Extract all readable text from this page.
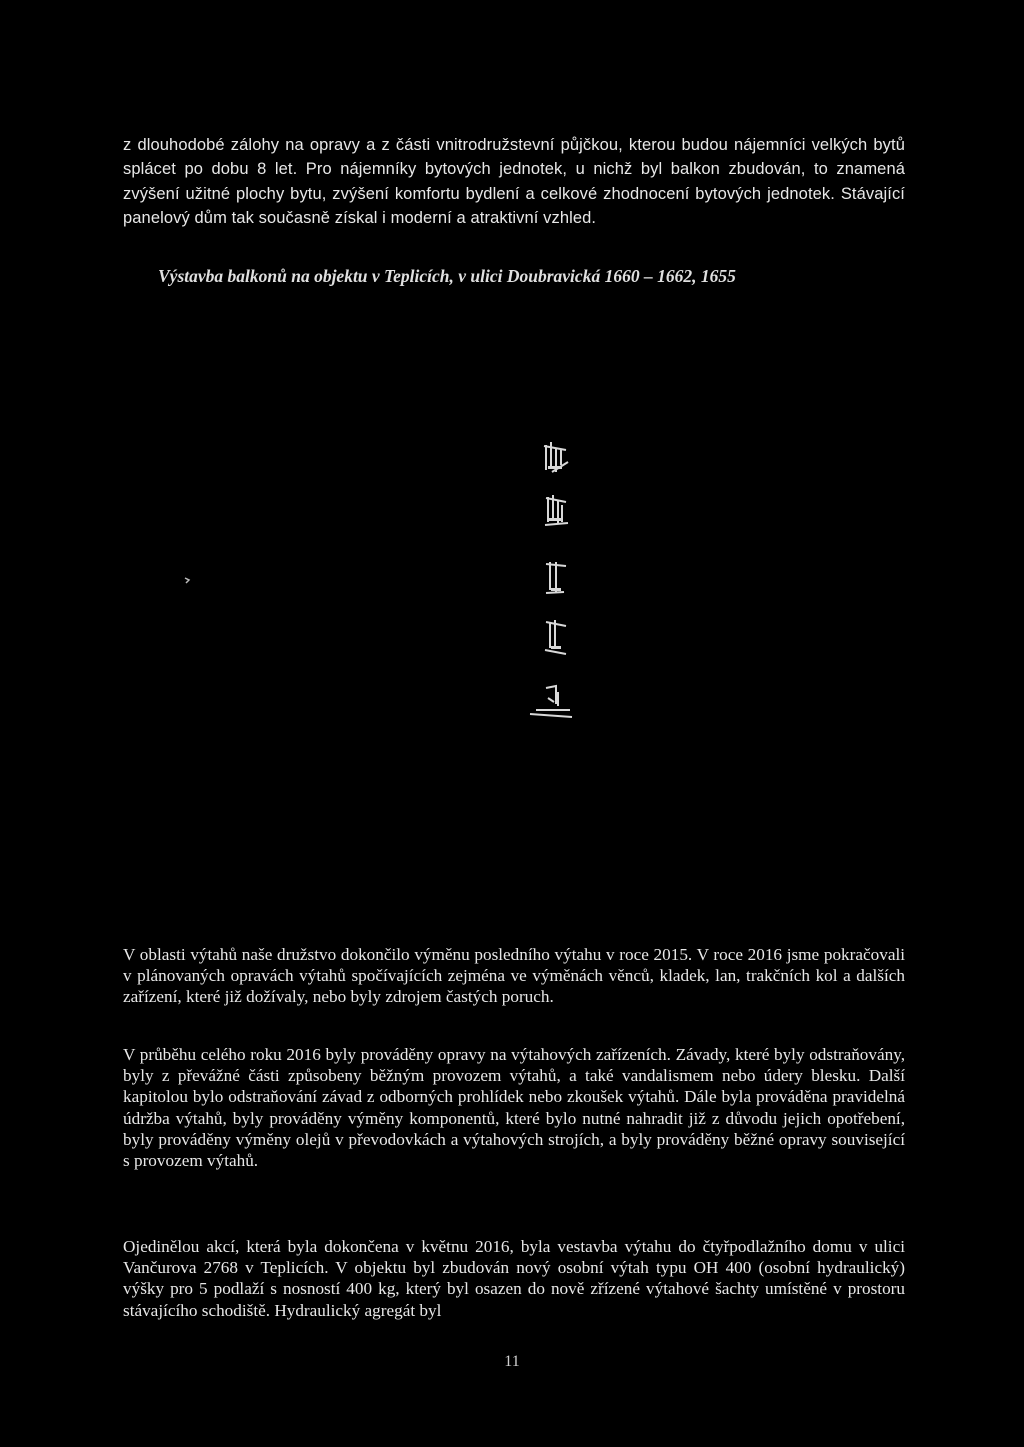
z dlouhodobé zálohy na opravy a z části vnitrodružstevní půjčkou, kterou budou nájemníci velkých bytů splácet po dobu 8 let. Pro nájemníky bytových jednotek, u nichž byl balkon zbudován, to znamená zvýšení užitné plochy bytu, zvýšení komfortu bydlení a celkové zhodnocení bytových jednotek. Stávající panelový dům tak současně získal i moderní a atraktivní vzhled.

Výstavba balkonů na objektu v Teplicích, v ulici Doubravická 1660 – 1662, 1655

V oblasti výtahů naše družstvo dokončilo výměnu posledního výtahu v roce 2015. V roce 2016 jsme pokračovali v plánovaných opravách výtahů spočívajících zejména ve výměnách věnců, kladek, lan, trakčních kol a dalších zařízení, které již dožívaly, nebo byly zdrojem častých poruch.

V průběhu celého roku 2016 byly prováděny opravy na výtahových zařízeních. Závady, které byly odstraňovány, byly z převážné části způsobeny běžným provozem výtahů, a také vandalismem nebo údery blesku. Další kapitolou bylo odstraňování závad z odborných prohlídek nebo zkoušek výtahů. Dále byla prováděna pravidelná údržba výtahů, byly prováděny výměny komponentů, které bylo nutné nahradit již z důvodu jejich opotřebení, byly prováděny výměny olejů v převodovkách a výtahových strojích, a byly prováděny běžné opravy související s provozem výtahů.

Ojedinělou akcí, která byla dokončena v květnu 2016, byla vestavba výtahu do čtyřpodlažního domu v ulici Vančurova 2768 v Teplicích. V objektu byl zbudován nový osobní výtah typu OH 400 (osobní hydraulický) výšky pro 5 podlaží s nosností 400 kg, který byl osazen do nově zřízené výtahové šachty umístěné v prostoru stávajícího schodiště. Hydraulický agregát byl

11
